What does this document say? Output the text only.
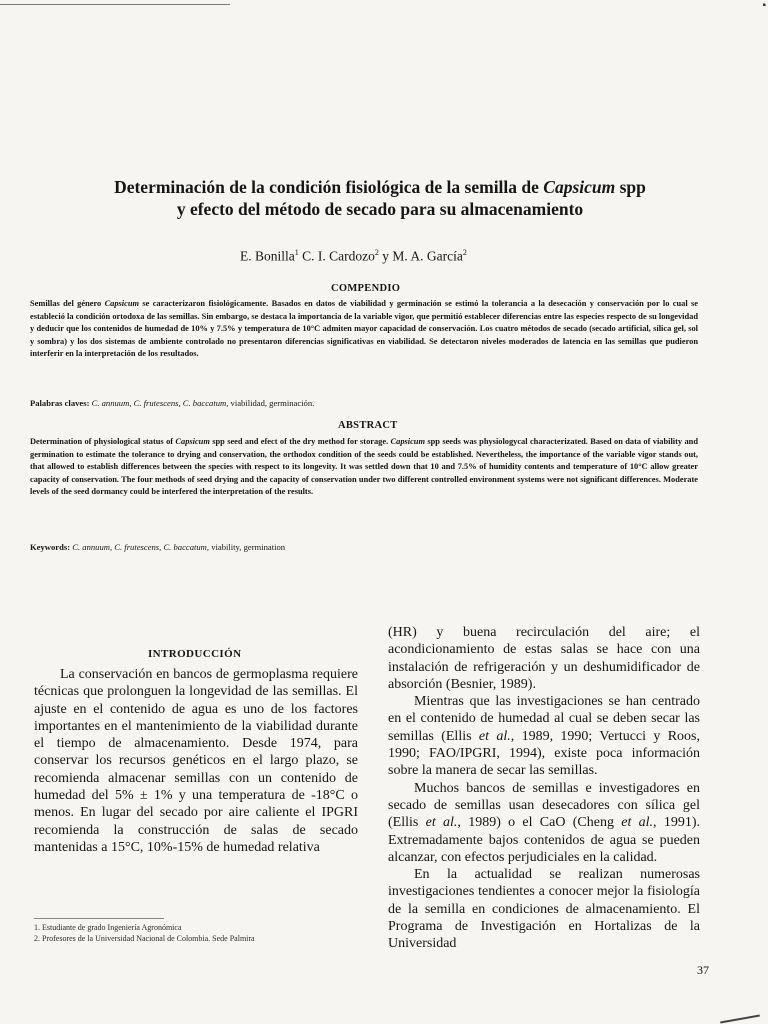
▪

Determinación de la condición fisiológica de la semilla de Capsicum spp

y efecto del método de secado para su almacenamiento

E. Bonilla$^1$ C. I. Cardozo$^2$ y M. A. García$^2$
COMPENDIO

Semillas del género Capsicum se caracterizaron fisiológicamente. Basados en datos de viabilidad y germinación se estimó la tolerancia a la desecación y conservación por lo cual se estableció la condición ortodoxa de las semillas. Sin embargo, se destaca la importancia de la variable vigor, que permitió establecer diferencias entre las especies respecto de su longevidad y deducir que los contenidos de humedad de 10% y 7.5% y temperatura de 10°C admiten mayor capacidad de conservación. Los cuatro métodos de secado (secado artificial, sílica gel, sol y sombra) y los dos sistemas de ambiente controlado no presentaron diferencias significativas en viabilidad. Se detectaron niveles moderados de latencia en las semillas que pudieron interferir en la interpretación de los resultados.

Palabras claves: C. annuum, C. frutescens, C. baccatum, viabilidad, germinación.
ABSTRACT

Determination of physiological status of Capsicum spp seed and efect of the dry method for storage. Capsicum spp seeds was physiologycal characterizated. Based on data of viability and germination to estimate the tolerance to drying and conservation, the orthodox condition of the seeds could be established. Nevertheless, the importance of the variable vigor stands out, that allowed to establish differences between the species with respect to its longevity. It was settled down that 10 and 7.5% of humidity contents and temperature of 10°C allow greater capacity of conservation. The four methods of seed drying and the capacity of conservation under two different controlled environment systems were not significant differences. Moderate levels of the seed dormancy could be interfered the interpretation of the results.

Keywords: C. annuum, C. frutescens, C. baccatum, viability, germination
INTRODUCCIÓN

La conservación en bancos de germoplasma requiere técnicas que prolonguen la longevidad de las semillas. El ajuste en el contenido de agua es uno de los factores importantes en el mantenimiento de la viabilidad durante el tiempo de almacenamiento. Desde 1974, para conservar los recursos genéticos en el largo plazo, se recomienda almacenar semillas con un contenido de humedad del 5% ± 1% y una temperatura de -18°C o menos. En lugar del secado por aire caliente el IPGRI recomienda la construcción de salas de secado mantenidas a 15°C, 10%-15% de humedad relativa

(HR) y buena recirculación del aire; el acondicionamiento de estas salas se hace con una instalación de refrigeración y un deshumidificador de absorción (Besnier, 1989).

Mientras que las investigaciones se han centrado en el contenido de humedad al cual se deben secar las semillas (Ellis et al., 1989, 1990; Vertucci y Roos, 1990; FAO/IPGRI, 1994), existe poca información sobre la manera de secar las semillas.

Muchos bancos de semillas e investigadores en secado de semillas usan desecadores con sílica gel (Ellis et al., 1989) o el CaO (Cheng et al., 1991). Extremadamente bajos contenidos de agua se pueden alcanzar, con efectos perjudiciales en la calidad.

En la actualidad se realizan numerosas investigaciones tendientes a conocer mejor la fisiología de la semilla en condiciones de almacenamiento. El Programa de Investigación en Hortalizas de la Universidad

1. Estudiante de grado Ingeniería Agronómica
2. Profesores de la Universidad Nacional de Colombia. Sede Palmira
37
